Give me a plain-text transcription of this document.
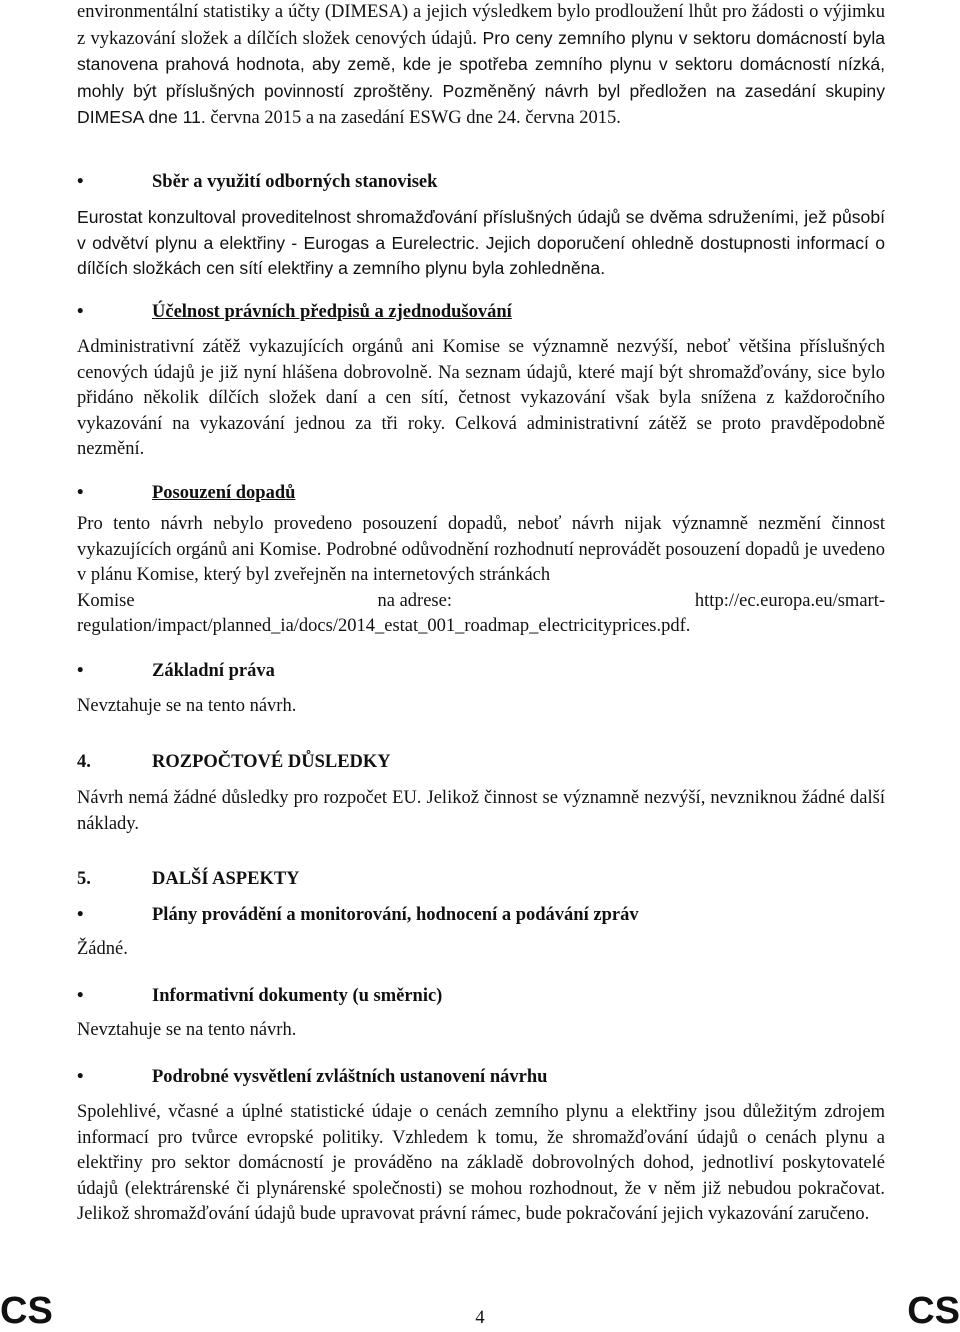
environmentální statistiky a účty (DIMESA) a jejich výsledkem bylo prodloužení lhůt pro žádosti o výjimku z vykazování složek a dílčích složek cenových údajů. Pro ceny zemního plynu v sektoru domácností byla stanovena prahová hodnota, aby země, kde je spotřeba zemního plynu v sektoru domácností nízká, mohly být příslušných povinností zproštěny. Pozměněný návrh byl předložen na zasedání skupiny DIMESA dne 11. června 2015 a na zasedání ESWG dne 24. června 2015.

•	Sběr a využití odborných stanovisek

Eurostat konzultoval proveditelnost shromažďování příslušných údajů se dvěma sdruženími, jež působí v odvětví plynu a elektřiny - Eurogas a Eurelectric. Jejich doporučení ohledně dostupnosti informací o dílčích složkách cen sítí elektřiny a zemního plynu byla zohledněna.

•	Účelnost právních předpisů a zjednodušování

Administrativní zátěž vykazujících orgánů ani Komise se významně nezvýší, neboť většina příslušných cenových údajů je již nyní hlášena dobrovolně. Na seznam údajů, které mají být shromažďovány, sice bylo přidáno několik dílčích složek daní a cen sítí, četnost vykazování však byla snížena z každoročního vykazování na vykazování jednou za tři roky. Celková administrativní zátěž se proto pravděpodobně nezmění.

•	Posouzení dopadů

Pro tento návrh nebylo provedeno posouzení dopadů, neboť návrh nijak významně nezmění činnost vykazujících orgánů ani Komise. Podrobné odůvodnění rozhodnutí neprovádět posouzení dopadů je uvedeno v plánu Komise, který byl zveřejněn na internetových stránkách

Komise	na adrese:	http://ec.europa.eu/smart-

regulation/impact/planned_ia/docs/2014_estat_001_roadmap_electricityprices.pdf.

•	Základní práva

Nevztahuje se na tento návrh.

4.	ROZPOČTOVÉ DŮSLEDKY

Návrh nemá žádné důsledky pro rozpočet EU. Jelikož činnost se významně nezvýší, nevzniknou žádné další náklady.

5.	DALŠÍ ASPEKTY
•	Plány provádění a monitorování, hodnocení a podávání zpráv

Žádné.

•	Informativní dokumenty (u směrnic)

Nevztahuje se na tento návrh.

•	Podrobné vysvětlení zvláštních ustanovení návrhu

Spolehlivé, včasné a úplné statistické údaje o cenách zemního plynu a elektřiny jsou důležitým zdrojem informací pro tvůrce evropské politiky. Vzhledem k tomu, že shromažďování údajů o cenách plynu a elektřiny pro sektor domácností je prováděno na základě dobrovolných dohod, jednotliví poskytovatelé údajů (elektrárenské či plynárenské společnosti) se mohou rozhodnout, že v něm již nebudou pokračovat. Jelikož shromažďování údajů bude upravovat právní rámec, bude pokračování jejich vykazování zaručeno.

CS	4	CS
